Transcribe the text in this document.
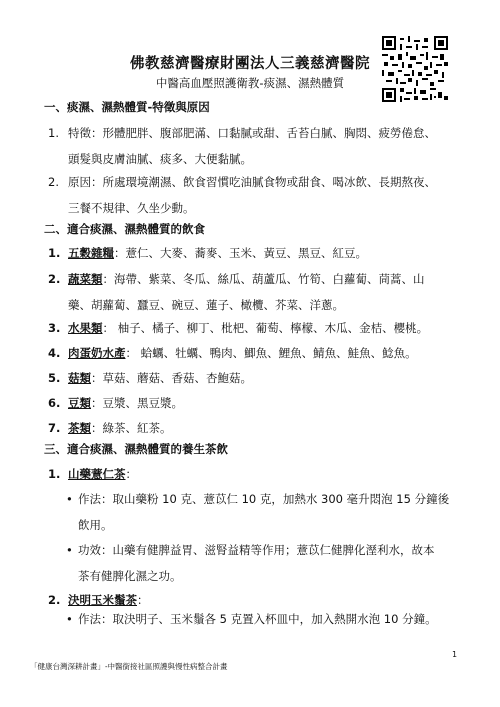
佛教慈濟醫療財團法人三義慈濟醫院
中醫高血壓照護衛教-痰濕、濕熱體質
一、痰濕、濕熱體質-特徵與原因
1. 特徵：形體肥胖、腹部肥滿、口黏膩或甜、舌苔白膩、胸悶、疲勞倦怠、
頭髮與皮膚油膩、痰多、大便黏膩。
2. 原因：所處環境潮濕、飲食習慣吃油膩食物或甜食、喝冰飲、長期熬夜、
三餐不規律、久坐少動。
二、適合痰濕、濕熱體質的飲食
1. 五穀雜糧：薏仁、大麥、蕎麥、玉米、黃豆、黑豆、紅豆。
2. 蔬菜類：海帶、紫菜、冬瓜、絲瓜、葫蘆瓜、竹筍、白蘿蔔、茼蒿、山
藥、胡蘿蔔、蠶豆、碗豆、蓮子、橄欖、芥菜、洋蔥。
3. 水果類： 柚子、橘子、柳丁、枇杷、葡萄、檸檬、木瓜、金桔、櫻桃。
4. 肉蛋奶水產： 蛤蠣、牡蠣、鴨肉、鯽魚、鯉魚、鯖魚、鮭魚、鯰魚。
5. 菇類：草菇、蘑菇、香菇、杏鮑菇。
6. 豆類：豆漿、黑豆漿。
7. 茶類：綠茶、紅茶。
三、適合痰濕、濕熱體質的養生茶飲
1. 山藥薏仁茶：
• 作法：取山藥粉 10 克、薏苡仁 10 克，加熱水 300 毫升悶泡 15 分鐘後
飲用。
• 功效：山藥有健脾益胃、滋腎益精等作用；薏苡仁健脾化溼利水，故本
茶有健脾化濕之功。
2. 決明玉米鬚茶：
• 作法：取決明子、玉米鬚各 5 克置入杯皿中，加入熱開水泡 10 分鐘。
1
「健康台灣深耕計畫」-中醫銜接社區照護與慢性病整合計畫
